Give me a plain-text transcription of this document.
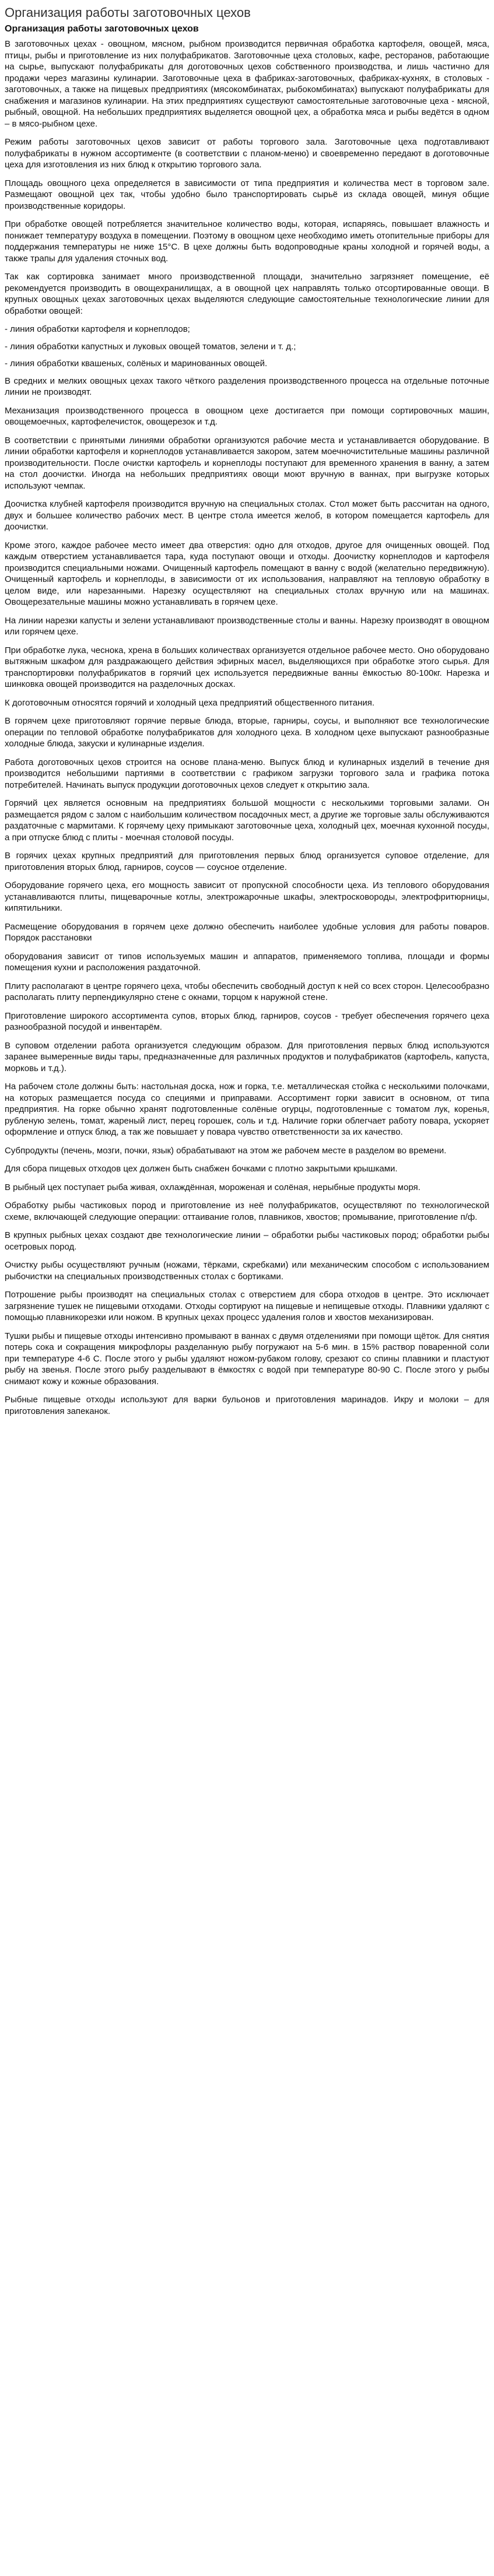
Организация работы заготовочных цехов
Организация работы заготовочных цехов

В заготовочных цехах - овощном, мясном, рыбном производится первичная обработка картофеля, овощей, мяса, птицы, рыбы и приготовление из них полуфабрикатов. Заготовочные цеха столовых, кафе, ресторанов, работающие на сырье, выпускают полуфабрикаты для доготовочных цехов собственного производства, и лишь частично для продажи через магазины кулинарии. Заготовочные цеха в фабриках-заготовочных, фабриках-кухнях, в столовых - заготовочных, а также на пищевых предприятиях (мясокомбинатах, рыбокомбинатах) выпускают полуфабрикаты для снабжения и магазинов кулинарии. На этих предприятиях существуют самостоятельные заготовочные цеха - мясной, рыбный, овощной. На небольших предприятиях выделяется овощной цех, а обработка мяса и рыбы ведётся в одном – в мясо-рыбном цехе.

Режим работы заготовочных цехов зависит от работы торгового зала. Заготовочные цеха подготавливают полуфабрикаты в нужном ассортименте (в соответствии с планом-меню) и своевременно передают в доготовочные цеха для изготовления из них блюд к открытию торгового зала.

Площадь овощного цеха определяется в зависимости от типа предприятия и количества мест в торговом зале. Размещают овощной цех так, чтобы удобно было транспортировать сырьё из склада овощей, минуя общие производственные коридоры.

При обработке овощей потребляется значительное количество воды, которая, испаряясь, повышает влажность и понижает температуру воздуха в помещении. Поэтому в овощном цехе необходимо иметь отопительные приборы для поддержания температуры не ниже 15°С. В цехе должны быть водопроводные краны холодной и горячей воды, а также трапы для удаления сточных вод.

Так как сортировка занимает много производственной площади, значительно загрязняет помещение, её рекомендуется производить в овощехранилищах, а в овощной цех направлять только отсортированные овощи. В крупных овощных цехах заготовочных цехах выделяются следующие самостоятельные технологические линии для обработки овощей:

- линия обработки картофеля и корнеплодов;

- линия обработки капустных и луковых овощей томатов, зелени и т. д.;

- линия обработки квашеных, солёных и маринованных овощей.

В средних и мелких овощных цехах такого чёткого разделения производственного процесса на отдельные поточные линии не производят.

Механизация производственного процесса в овощном цехе достигается при помощи сортировочных машин, овощемоечных, картофелечисток, овощерезок и т.д.

В соответствии с принятыми линиями обработки организуются рабочие места и устанавливается оборудование. В линии обработки картофеля и корнеплодов устанавливается закором, затем моечночистительные машины различной производительности. После очистки картофель и корнеплоды поступают для временного хранения в ванну, а затем на стол доочистки. Иногда на небольших предприятиях овощи моют вручную в ваннах, при выгрузке которых используют чемпак.

Доочистка клубней картофеля производится вручную на специальных столах. Стол может быть рассчитан на одного, двух и большее количество рабочих мест. В центре стола имеется желоб, в котором помещается картофель для доочистки.

Кроме этого, каждое рабочее место имеет два отверстия: одно для отходов, другое для очищенных овощей. Под каждым отверстием устанавливается тара, куда поступают овощи и отходы. Доочистку корнеплодов и картофеля производится специальными ножами. Очищенный картофель помещают в ванну с водой (желательно передвижную). Очищенный картофель и корнеплоды, в зависимости от их использования, направляют на тепловую обработку в целом виде, или нарезанными. Нарезку осуществляют на специальных столах вручную или на машинах. Овощерезательные машины можно устанавливать в горячем цехе.

На линии нарезки капусты и зелени устанавливают производственные столы и ванны. Нарезку производят в овощном или горячем цехе.

При обработке лука, чеснока, хрена в больших количествах организуется отдельное рабочее место. Оно оборудовано вытяжным шкафом для раздражающего действия эфирных масел, выделяющихся при обработке этого сырья. Для транспортировки полуфабрикатов в горячий цех используется передвижные ванны ёмкостью 80-100кг. Нарезка и шинковка овощей производится на разделочных досках.

К доготовочным относятся горячий и холодный цеха предприятий общественного питания.

В горячем цехе приготовляют горячие первые блюда, вторые, гарниры, соусы, и выполняют все технологические операции по тепловой обработке полуфабрикатов для холодного цеха. В холодном цехе выпускают разнообразные холодные блюда, закуски и кулинарные изделия.

Работа доготовочных цехов строится на основе плана-меню. Выпуск блюд и кулинарных изделий в течение дня производится небольшими партиями в соответствии с графиком загрузки торгового зала и графика потока потребителей. Начинать выпуск продукции доготовочных цехов следует к открытию зала.

Горячий цех является основным на предприятиях большой мощности с несколькими торговыми залами. Он размещается рядом с залом с наибольшим количеством посадочных мест, а другие же торговые залы обслуживаются раздаточные с мармитами. К горячему цеху примыкают заготовочные цеха, холодный цех, моечная кухонной посуды, а при отпуске блюд с плиты - моечная столовой посуды.

В горячих цехах крупных предприятий для приготовления первых блюд организуется суповое отделение, для приготовления вторых блюд, гарниров, соусов — соусное отделение.

Оборудование горячего цеха, его мощность зависит от пропускной способности цеха. Из теплового оборудования устанавливаются плиты, пищеварочные котлы, электрожарочные шкафы, электросковороды, электрофритюрницы, кипятильники.

Расмещение оборудования в горячем цехе должно обеспечить наиболее удобные условия для работы поваров. Порядок расстановки

оборудования зависит от типов используемых машин и аппаратов, применяемого топлива, площади и формы помещения кухни и расположения раздаточной.

Плиту располагают в центре горячего цеха, чтобы обеспечить свободный доступ к ней со всех сторон. Целесообразно располагать плиту перпендикулярно стене с окнами, торцом к наружной стене.

Приготовление широкого ассортимента супов, вторых блюд, гарниров, соусов - требует обеспечения горячего цеха разнообразной посудой и инвентарём.

В суповом отделении работа организуется следующим образом. Для приготовления первых блюд используются заранее вымеренные виды тары, предназначенные для различных продуктов и полуфабрикатов (картофель, капуста, морковь и т.д.).

На рабочем столе должны быть: настольная доска, нож и горка, т.е. металлическая стойка с несколькими полочками, на которых размещается посуда со специями и приправами. Ассортимент горки зависит в основном, от типа предприятия. На горке обычно хранят подготовленные солёные огурцы, подготовленные с томатом лук, коренья, рубленую зелень, томат, жареный лист, перец горошек, соль и т.д. Наличие горки облегчает работу повара, ускоряет оформление и отпуск блюд, а так же повышает у повара чувство ответственности за их качество.

Субпродукты (печень, мозги, почки, язык) обрабатывают на этом же рабочем месте в разделом во времени.

Для сбора пищевых отходов цех должен быть снабжен бочками с плотно закрытыми крышками.

В рыбный цех поступает рыба живая, охлаждённая, мороженая и солёная, нерыбные продукты моря.

Обработку рыбы частиковых пород и приготовление из неё полуфабрикатов, осуществляют по технологической схеме, включающей следующие операции: оттаивание голов, плавников, хвостов; промывание, приготовление п/ф.

В крупных рыбных цехах создают две технологические линии – обработки рыбы частиковых пород; обработки рыбы осетровых пород.

Очистку рыбы осуществляют ручным (ножами, тёрками, скребками) или механическим способом с использованием рыбочистки на специальных производственных столах с бортиками.

Потрошение рыбы производят на специальных столах с отверстием для сбора отходов в центре. Это исключает загрязнение тушек не пищевыми отходами. Отходы сортируют на пищевые и непищевые отходы. Плавники удаляют с помощью плавникорезки или ножом. В крупных цехах процесс удаления голов и хвостов механизирован.

Тушки рыбы и пищевые отходы интенсивно промывают в ваннах с двумя отделениями при помощи щёток. Для снятия потерь сока и сокращения микрофлоры разделанную рыбу погружают на 5-6 мин. в 15% раствор поваренной соли при температуре 4-6 С. После этого у рыбы удаляют ножом-рубаком голову, срезают со спины плавники и пластуют рыбу на звенья. После этого рыбу разделывают в ёмкостях с водой при температуре 80-90 С. После этого у рыбы снимают кожу и кожные образования.

Рыбные пищевые отходы используют для варки бульонов и приготовления маринадов. Икру и молоки – для приготовления запеканок.
